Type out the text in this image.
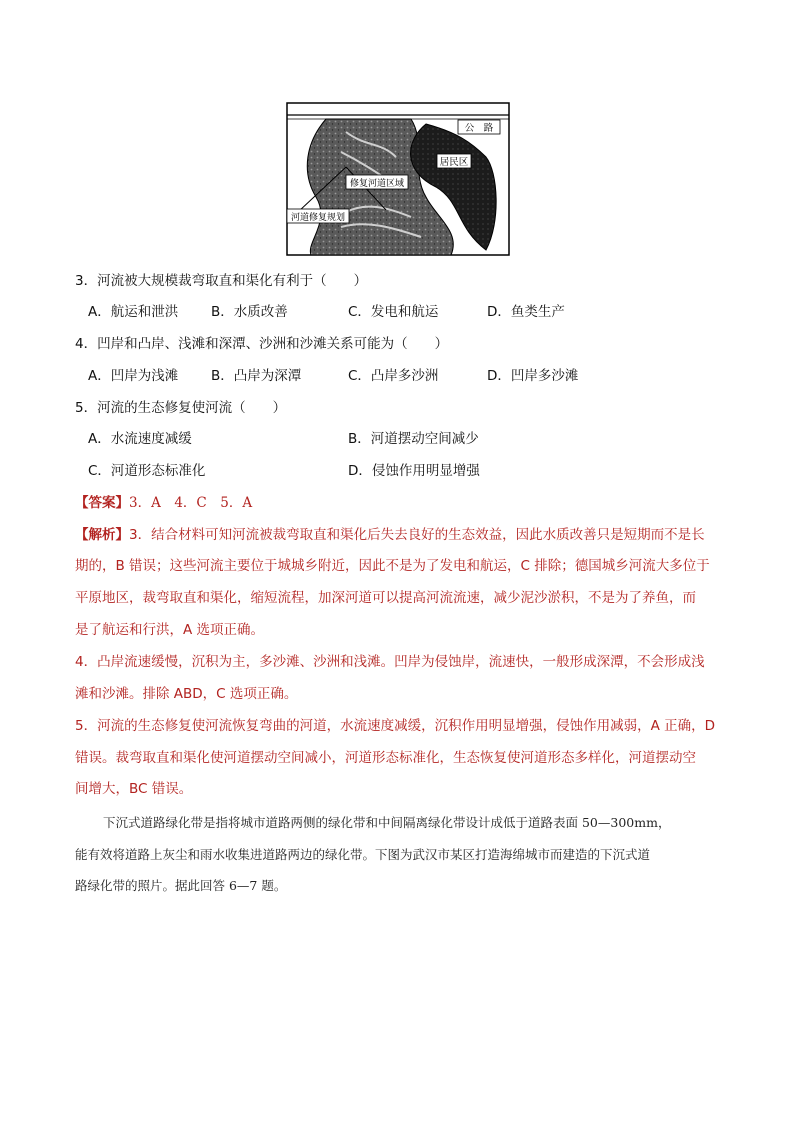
公　路
居民区
修复河道区域
河道修复规划
3．河流被大规模裁弯取直和渠化有利于（　　）
A．航运和泄洪 B．水质改善	C．发电和航运	D．鱼类生产
4．凹岸和凸岸、浅滩和深潭、沙洲和沙滩关系可能为（　　）
A．凹岸为浅滩 B．凸岸为深潭	C．凸岸多沙洲	D．凹岸多沙滩
5．河流的生态修复使河流（　　）
A．水流速度减缓	B．河道摆动空间减少
C．河道形态标准化	D．侵蚀作用明显增强
【答案】3．A　4．C　5．A
【解析】3．结合材料可知河流被裁弯取直和渠化后失去良好的生态效益，因此水质改善只是短期而不是长
期的，B 错误；这些河流主要位于城城乡附近，因此不是为了发电和航运，C 排除；德国城乡河流大多位于
平原地区，裁弯取直和渠化，缩短流程，加深河道可以提高河流流速，减少泥沙淤积，不是为了养鱼，而
是了航运和行洪，A 选项正确。
4．凸岸流速缓慢，沉积为主，多沙滩、沙洲和浅滩。凹岸为侵蚀岸，流速快，一般形成深潭，不会形成浅
滩和沙滩。排除 ABD，C 选项正确。
5．河流的生态修复使河流恢复弯曲的河道，水流速度减缓，沉积作用明显增强，侵蚀作用减弱，A 正确，D
错误。裁弯取直和渠化使河道摆动空间减小，河道形态标准化，生态恢复使河道形态多样化，河道摆动空
间增大，BC 错误。
下沉式道路绿化带是指将城市道路两侧的绿化带和中间隔离绿化带设计成低于道路表面 50—300mm，
能有效将道路上灰尘和雨水收集进道路两边的绿化带。下图为武汉市某区打造海绵城市而建造的下沉式道
路绿化带的照片。据此回答 6—7 题。
